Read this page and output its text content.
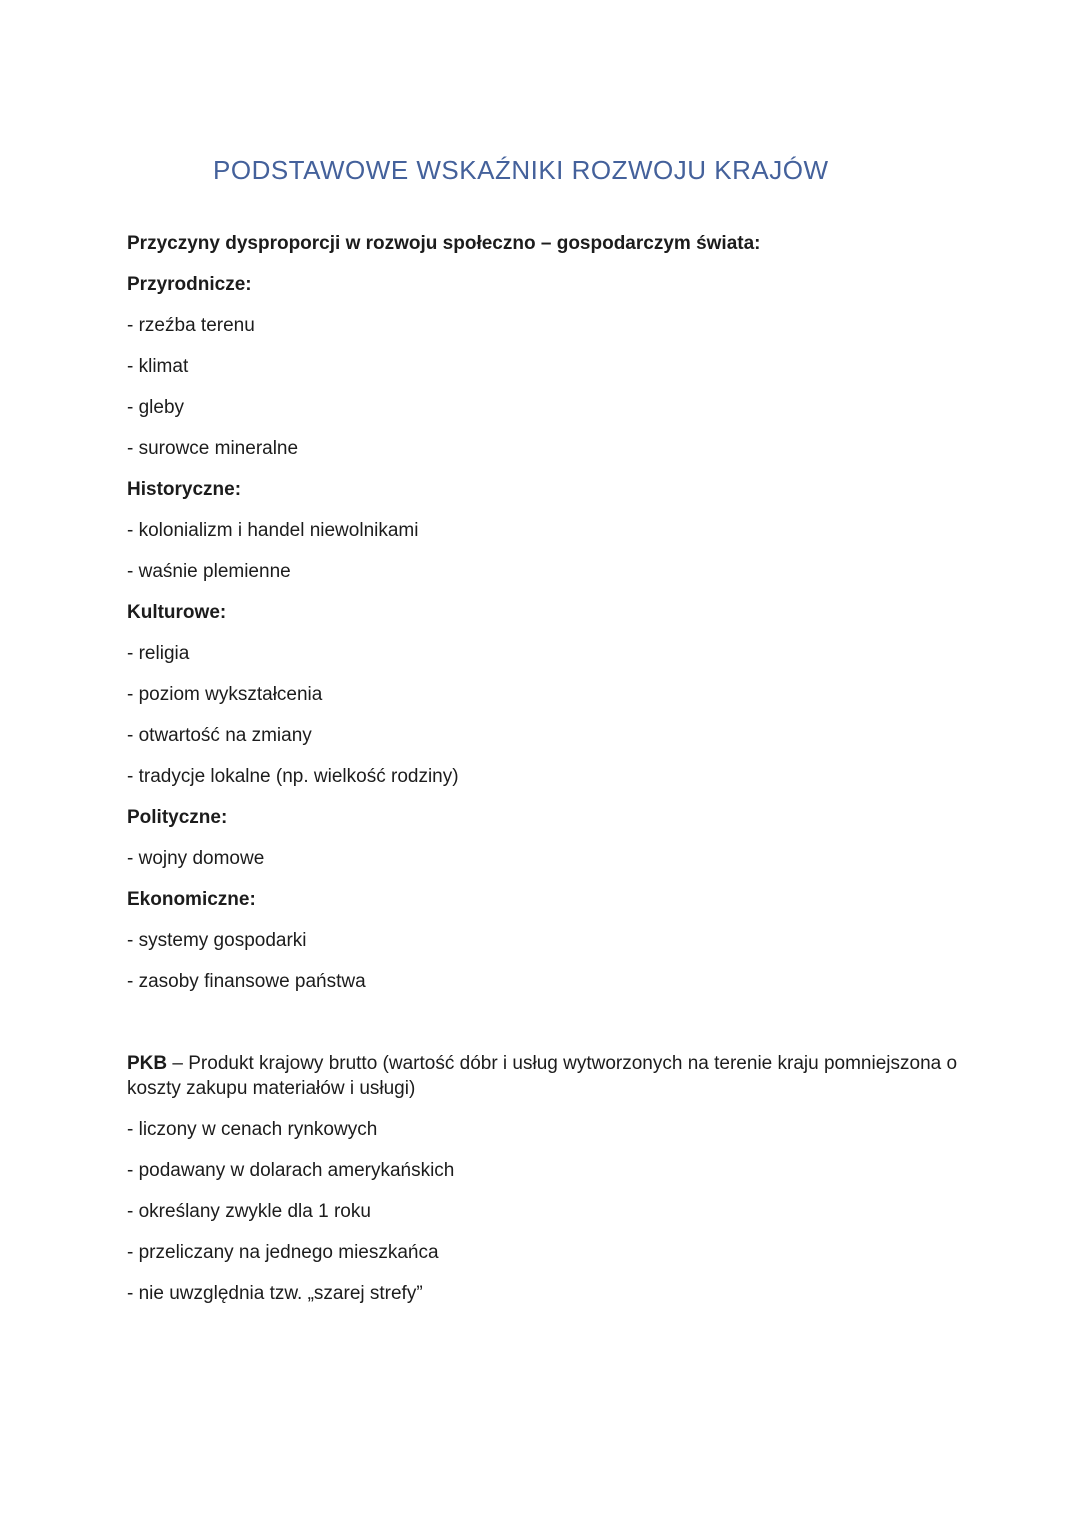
PODSTAWOWE WSKAŹNIKI ROZWOJU KRAJÓW

Przyczyny dysproporcji w rozwoju społeczno – gospodarczym świata:

Przyrodnicze:

- rzeźba terenu

- klimat

- gleby

- surowce mineralne

Historyczne:

- kolonializm i handel niewolnikami

- waśnie plemienne

Kulturowe:

- religia

- poziom wykształcenia

- otwartość na zmiany

- tradycje lokalne (np. wielkość rodziny)

Polityczne:

- wojny domowe

Ekonomiczne:

- systemy gospodarki

- zasoby finansowe państwa

PKB – Produkt krajowy brutto (wartość dóbr i usług wytworzonych na terenie kraju pomniejszona o koszty zakupu materiałów i usługi)

- liczony w cenach rynkowych

- podawany w dolarach amerykańskich

- określany zwykle dla 1 roku

- przeliczany na jednego mieszkańca

- nie uwzględnia tzw. „szarej strefy”
